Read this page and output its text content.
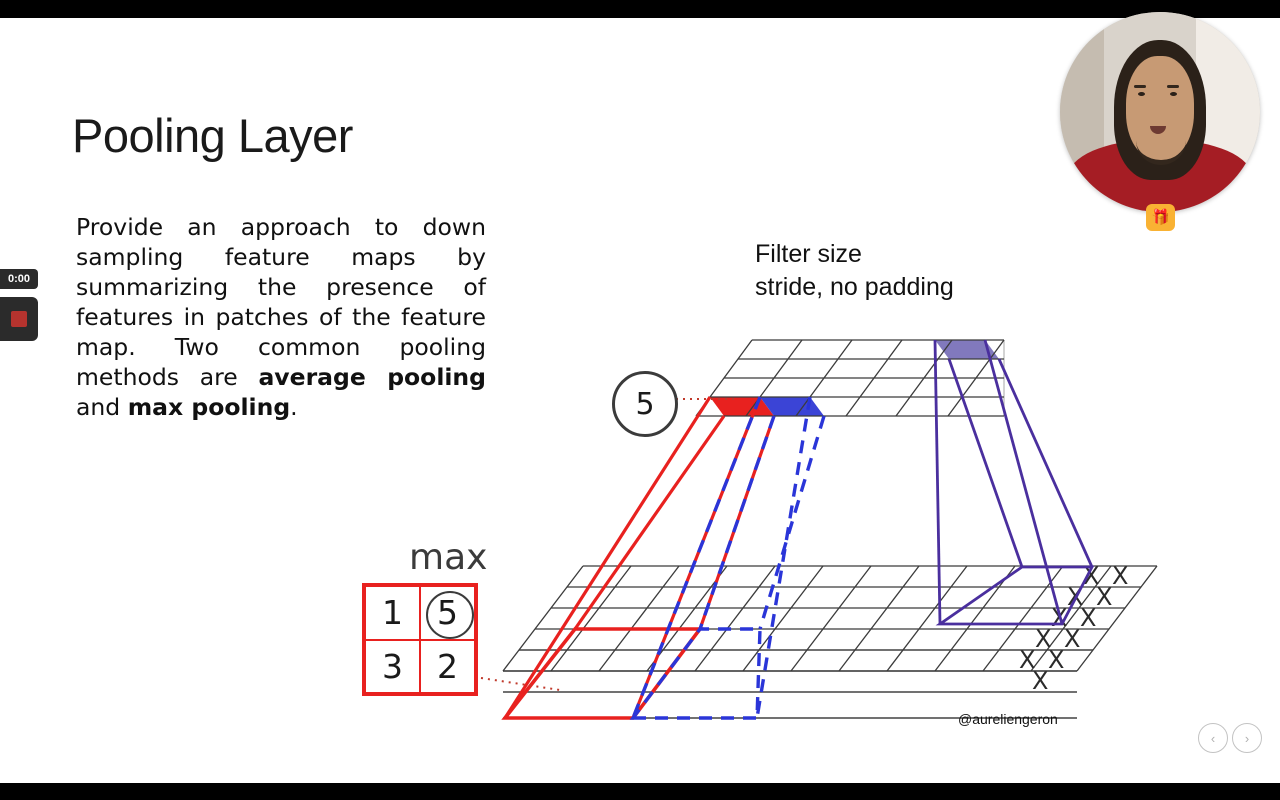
Pooling Layer
Provide an approach to down sampling feature maps by summarizing the presence of features in patches of the feature map. Two common pooling methods are average pooling and max pooling.
Filter size
stride, no padding
X
X
X
X
X
X
X
X
X
X
X
5
max
1	5
3	2
@aureliengeron
‹	›
🎁
0:00
